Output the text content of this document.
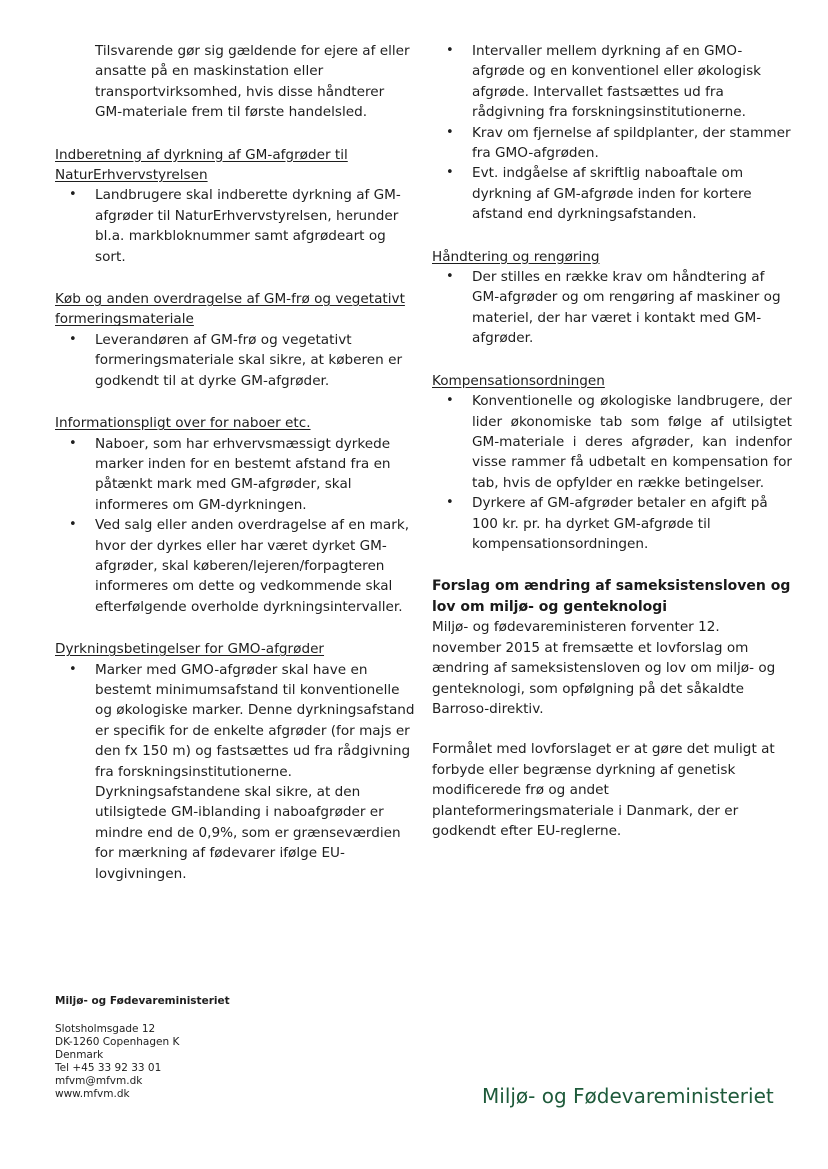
Tilsvarende gør sig gældende for ejere af eller ansatte på en maskinstation eller transportvirksomhed, hvis disse håndterer GM-materiale frem til første handelsled.

Indberetning af dyrkning af GM-afgrøder til NaturErhvervstyrelsen

• Landbrugere skal indberette dyrkning af GM-afgrøder til NaturErhvervstyrelsen, herunder bl.a. markbloknummer samt afgrødeart og sort.

Køb og anden overdragelse af GM-frø og vegetativt formeringsmateriale

• Leverandøren af GM-frø og vegetativt formeringsmateriale skal sikre, at køberen er godkendt til at dyrke GM-afgrøder.

Informationspligt over for naboer etc.

• Naboer, som har erhvervsmæssigt dyrkede marker inden for en bestemt afstand fra en påtænkt mark med GM-afgrøder, skal informeres om GM-dyrkningen.
• Ved salg eller anden overdragelse af en mark, hvor der dyrkes eller har været dyrket GM-afgrøder, skal køberen/lejeren/forpagteren informeres om dette og vedkommende skal efterfølgende overholde dyrkningsintervaller.

Dyrkningsbetingelser for GMO-afgrøder

• Marker med GMO-afgrøder skal have en bestemt minimumsafstand til konventionelle og økologiske marker. Denne dyrkningsafstand er specifik for de enkelte afgrøder (for majs er den fx 150 m) og fastsættes ud fra rådgivning fra forskningsinstitutionerne. Dyrkningsafstandene skal sikre, at den utilsigtede GM-iblanding i naboafgrøder er mindre end de 0,9%, som er grænseværdien for mærkning af fødevarer ifølge EU-lovgivningen.
• Intervaller mellem dyrkning af en GMO-afgrøde og en konventionel eller økologisk afgrøde. Intervallet fastsættes ud fra rådgivning fra forskningsinstitutionerne.
• Krav om fjernelse af spildplanter, der stammer fra GMO-afgrøden.
• Evt. indgåelse af skriftlig naboaftale om dyrkning af GM-afgrøde inden for kortere afstand end dyrkningsafstanden.

Håndtering og rengøring

• Der stilles en række krav om håndtering af GM-afgrøder og om rengøring af maskiner og materiel, der har været i kontakt med GM-afgrøder.

Kompensationsordningen

• Konventionelle og økologiske landbrugere, der lider økonomiske tab som følge af utilsigtet GM-materiale i deres afgrøder, kan indenfor visse rammer få udbetalt en kompensation for tab, hvis de opfylder en række betingelser.
• Dyrkere af GM-afgrøder betaler en afgift på 100 kr. pr. ha dyrket GM-afgrøde til kompensationsordningen.

Forslag om ændring af sameksistensloven og lov om miljø- og genteknologi

Miljø- og fødevareministeren forventer 12. november 2015 at fremsætte et lovforslag om ændring af sameksistensloven og lov om miljø- og genteknologi, som opfølgning på det såkaldte Barroso-direktiv.

Formålet med lovforslaget er at gøre det muligt at forbyde eller begrænse dyrkning af genetisk modificerede frø og andet planteformeringsmateriale i Danmark, der er godkendt efter EU-reglerne.

Miljø- og Fødevareministeriet
Slotsholmsgade 12
DK-1260 Copenhagen K
Denmark
Tel +45 33 92 33 01
mfvm@mfvm.dk
www.mfvm.dk	Miljø- og Fødevareministeriet
